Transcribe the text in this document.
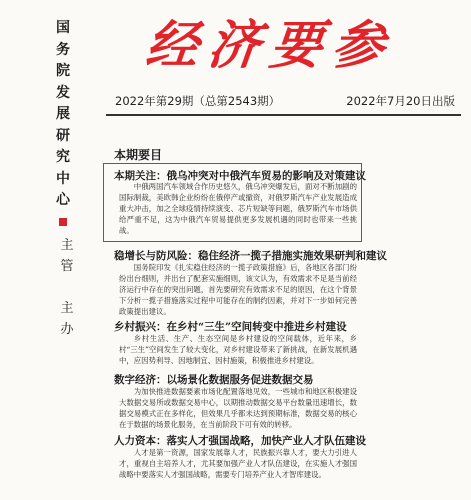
国
务
院
发
展
研
究
中
心
主
管

主
办
经济要参
2022年第29期（总第2543期）	2022年7月20日出版
本期要目
本期关注：俄乌冲突对中俄汽车贸易的影响及对策建议
中俄两国汽车领域合作历史悠久，俄乌冲突爆发后，面对不断加剧的国际制裁，美欧韩企业纷纷在俄停产或撤资，对俄罗斯汽车产业发展造成重大冲击，加之全球疫情持续演变、芯片短缺等问题，俄罗斯汽车市场供给严重不足，这为中俄汽车贸易提供更多发展机遇的同时也带来一些挑战。
稳增长与防风险：稳住经济一揽子措施实施效果研判和建议
国务院印发《扎实稳住经济的一揽子政策措施》后，各地区各部门纷纷出台细则，并出台了配套实施细则，该文认为，有效需求不足是当前经济运行中存在的突出问题，首先要研究有效需求不足的原因，在这个背景下分析一揽子措施落实过程中可能存在的制约因素，并对下一步如何完善政策提出建议。
乡村振兴：在乡村“三生”空间转变中推进乡村建设
乡村生活、生产、生态空间是乡村建设的空间载体，近年来，乡村“三生”空间发生了较大变化，对乡村建设带来了新挑战，在新发展机遇中，应因势利导、因地制宜、因村施策，积极推进乡村建设。
数字经济：以场景化数据服务促进数据交易
为加快推进数据要素市场化配置落地见效，一些城市和地区积极建设大数据交易所或数据交易中心，以期推动数据交易平台数量迅速增长，数据交易模式正在多样化，但效果几乎都未达到预期标准，数据交易的核心在于数据的场景化服务，在当前阶段下可有效的转移。
人力资本：落实人才强国战略，加快产业人才队伍建设
人才是第一资源，国家发展靠人才，民族振兴靠人才，要大力引进人才，重视自主培养人才，尤其要加强产业人才队伍建设，在实施人才强国战略中要落实人才强国战略，需要专门培养产业人才智库建设。
